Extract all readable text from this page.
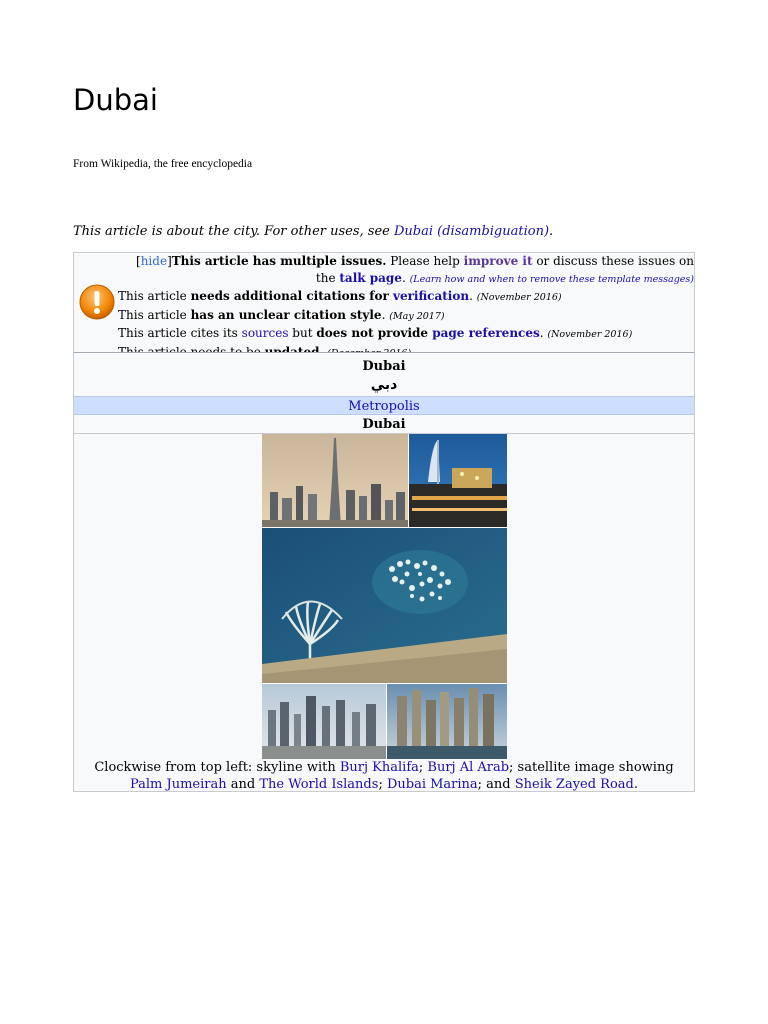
Dubai
From Wikipedia, the free encyclopedia
This article is about the city. For other uses, see Dubai (disambiguation).
[hide]This article has multiple issues. Please help improve it or discuss these issues on the talk page. (Learn how and when to remove these template messages)
This article needs additional citations for verification. (November 2016)
This article has an unclear citation style. (May 2017)
This article cites its sources but does not provide page references. (November 2016)
Dubai
دبي
Metropolis
Dubai
Clockwise from top left: skyline with Burj Khalifa; Burj Al Arab; satellite image showing Palm Jumeirah and The World Islands; Dubai Marina; and Sheik Zayed Road.
